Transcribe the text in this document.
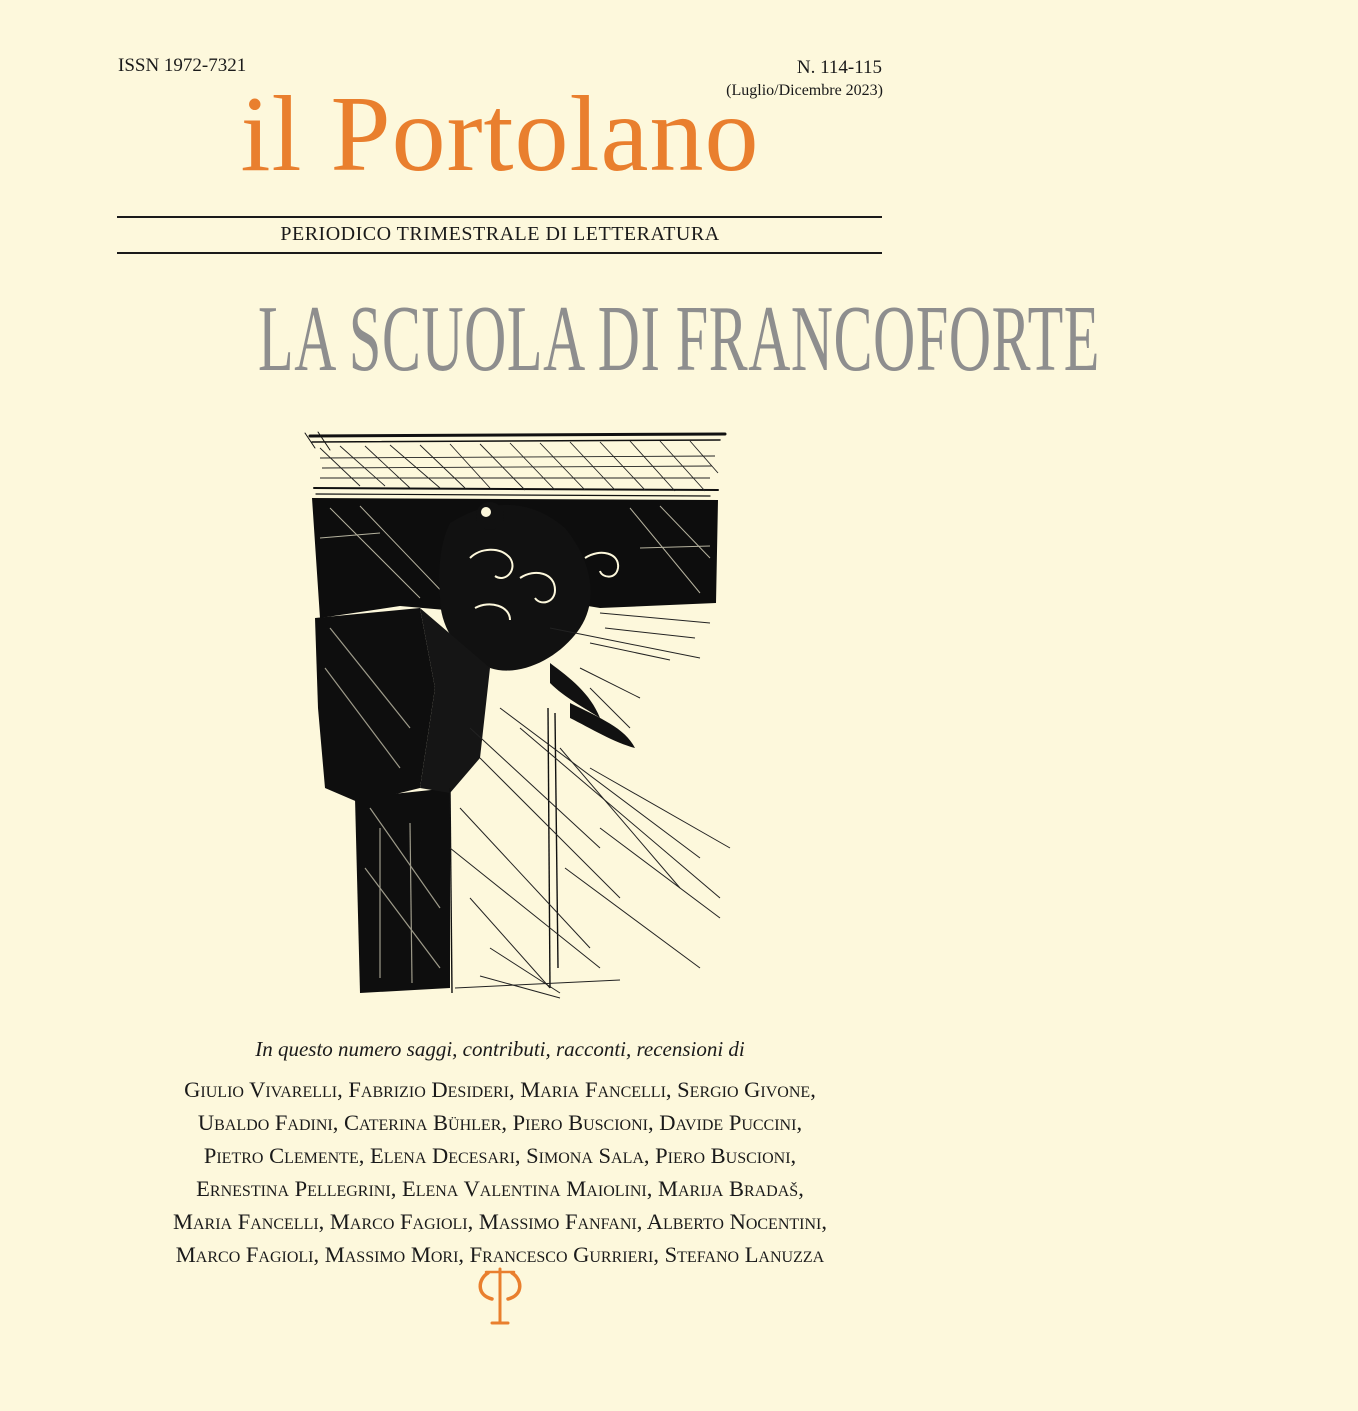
ISSN 1972-7321	N. 114-115
(Luglio/Dicembre 2023)
il Portolano
PERIODICO TRIMESTRALE DI LETTERATURA
LA SCUOLA DI FRANCOFORTE
In questo numero saggi, contributi, racconti, recensioni di
Giulio Vivarelli, Fabrizio Desideri, Maria Fancelli, Sergio Givone,
Ubaldo Fadini, Caterina Bühler, Piero Buscioni, Davide Puccini,
Pietro Clemente, Elena Decesari, Simona Sala, Piero Buscioni,
Ernestina Pellegrini, Elena Valentina Maiolini, Marija Bradaš,
Maria Fancelli, Marco Fagioli, Massimo Fanfani, Alberto Nocentini,
Marco Fagioli, Massimo Mori, Francesco Gurrieri, Stefano Lanuzza
